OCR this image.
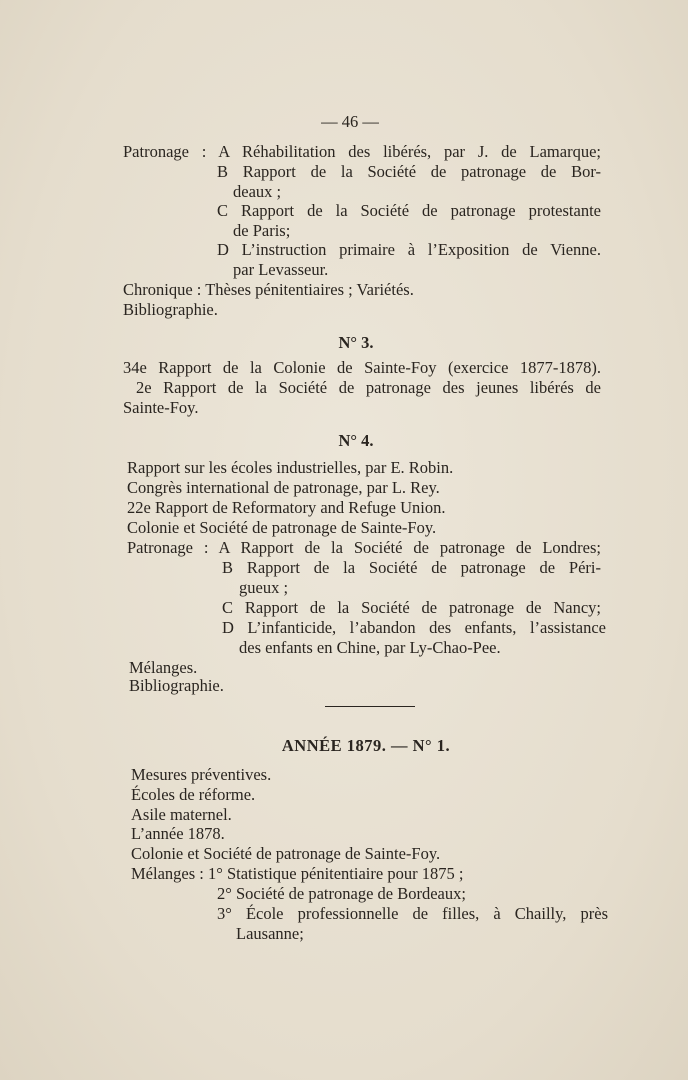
— 46 —
Patronage : A Réhabilitation des libérés, par J. de Lamarque;
B Rapport de la Société de patronage de Bor-
deaux ;
C Rapport de la Société de patronage protestante
de Paris;
D L’instruction primaire à l’Exposition de Vienne.
par Levasseur.
Chronique : Thèses pénitentiaires ; Variétés.
Bibliographie.
N° 3.
34e Rapport de la Colonie de Sainte-Foy (exercice 1877-1878).
2e Rapport de la Société de patronage des jeunes libérés de
Sainte-Foy.
N° 4.
Rapport sur les écoles industrielles, par E. Robin.
Congrès international de patronage, par L. Rey.
22e Rapport de Reformatory and Refuge Union.
Colonie et Société de patronage de Sainte-Foy.
Patronage : A Rapport de la Société de patronage de Londres;
B Rapport de la Société de patronage de Péri-
gueux ;
C Rapport de la Société de patronage de Nancy;
D L’infanticide, l’abandon des enfants, l’assistance
des enfants en Chine, par Ly-Chao-Pee.
Mélanges.
Bibliographie.
ANNÉE 1879. — N° 1.
Mesures préventives.
Écoles de réforme.
Asile maternel.
L’année 1878.
Colonie et Société de patronage de Sainte-Foy.
Mélanges : 1° Statistique pénitentiaire pour 1875 ;
2° Société de patronage de Bordeaux;
3° École professionnelle de filles, à Chailly, près
Lausanne;
